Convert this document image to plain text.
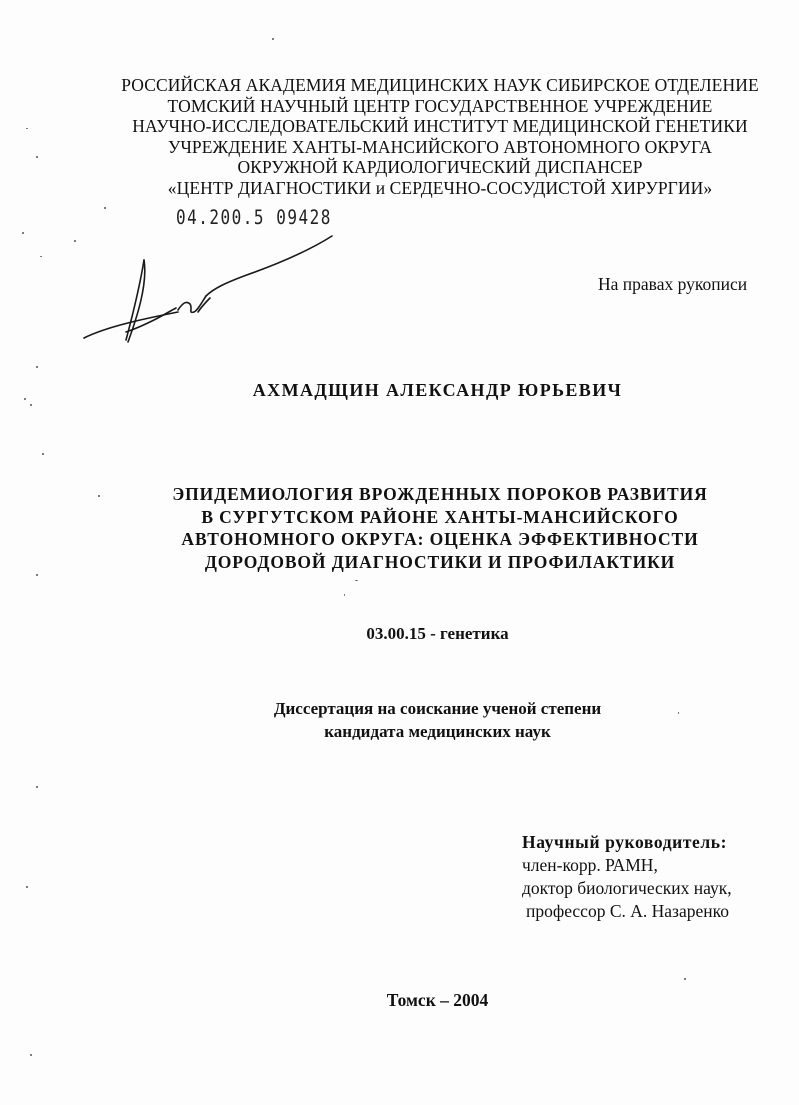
РОССИЙСКАЯ АКАДЕМИЯ МЕДИЦИНСКИХ НАУК СИБИРСКОЕ ОТДЕЛЕНИЕ
ТОМСКИЙ НАУЧНЫЙ ЦЕНТР ГОСУДАРСТВЕННОЕ УЧРЕЖДЕНИЕ
НАУЧНО-ИССЛЕДОВАТЕЛЬСКИЙ ИНСТИТУТ МЕДИЦИНСКОЙ ГЕНЕТИКИ
УЧРЕЖДЕНИЕ ХАНТЫ-МАНСИЙСКОГО АВТОНОМНОГО ОКРУГА
ОКРУЖНОЙ КАРДИОЛОГИЧЕСКИЙ ДИСПАНСЕР
«ЦЕНТР ДИАГНОСТИКИ и СЕРДЕЧНО-СОСУДИСТОЙ ХИРУРГИИ»
04.200.5 09428
На правах рукописи
АХМАДЩИН АЛЕКСАНДР ЮРЬЕВИЧ
ЭПИДЕМИОЛОГИЯ ВРОЖДЕННЫХ ПОРОКОВ РАЗВИТИЯ
В СУРГУТСКОМ РАЙОНЕ ХАНТЫ-МАНСИЙСКОГО
АВТОНОМНОГО ОКРУГА: ОЦЕНКА ЭФФЕКТИВНОСТИ
ДОРОДОВОЙ ДИАГНОСТИКИ И ПРОФИЛАКТИКИ
03.00.15 - генетика
Диссертация на соискание ученой степени
кандидата медицинских наук
Научный руководитель:
член-корр. РАМН,
доктор биологических наук,
профессор С. А. Назаренко
Томск – 2004
